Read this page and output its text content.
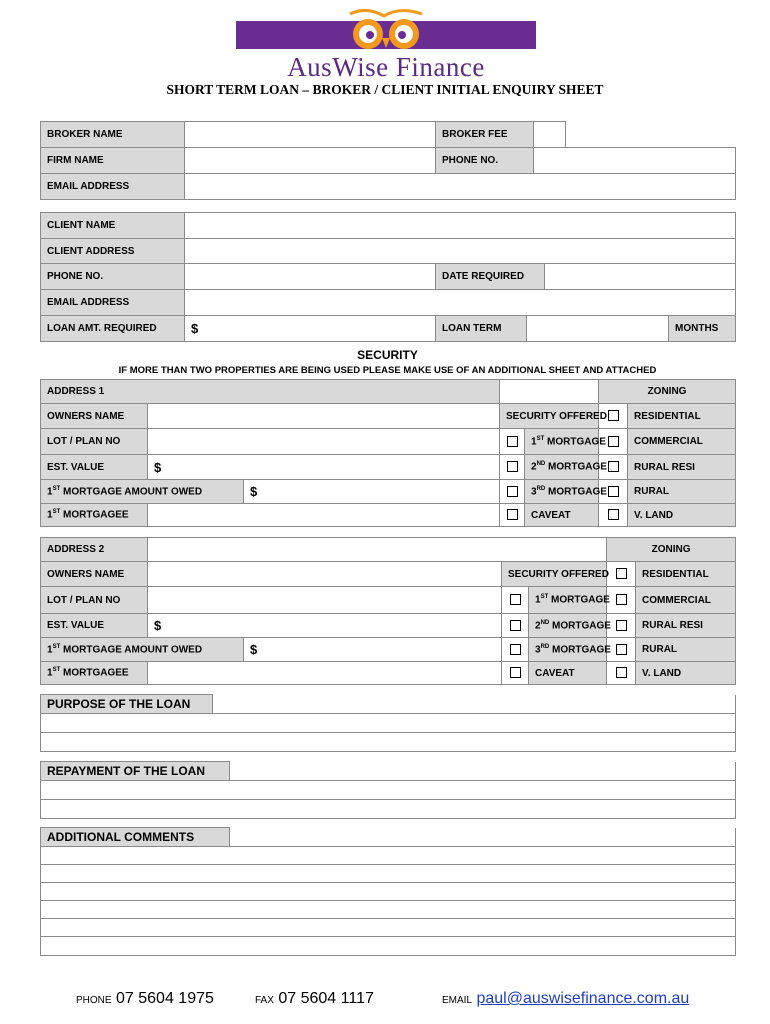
AusWise Finance
SHORT TERM LOAN – BROKER / CLIENT INITIAL ENQUIRY SHEET
BROKER NAME		BROKER FEE		
FIRM NAME		PHONE NO.		
EMAIL ADDRESS				
CLIENT NAME					
CLIENT ADDRESS					
PHONE NO.		DATE REQUIRED			
EMAIL ADDRESS					
LOAN AMT. REQUIRED	$	LOAN TERM			MONTHS
SECURITY
IF MORE THAN TWO PROPERTIES ARE BEING USED PLEASE MAKE USE OF AN ADDITIONAL SHEET AND ATTACHED
ADDRESS 1					ZONING	
OWNERS NAME			SECURITY OFFERED			RESIDENTIAL
LOT / PLAN NO				1ST MORTGAGE		COMMERCIAL
EST. VALUE	$			2ND MORTGAGE		RURAL RESI
1ST MORTGAGE AMOUNT OWED		$		3RD MORTGAGE		RURAL
1ST MORTGAGEE				CAVEAT		V. LAND
ADDRESS 2					ZONING	
OWNERS NAME			SECURITY OFFERED			RESIDENTIAL
LOT / PLAN NO				1ST MORTGAGE		COMMERCIAL
EST. VALUE	$			2ND MORTGAGE		RURAL RESI
1ST MORTGAGE AMOUNT OWED		$		3RD MORTGAGE		RURAL
1ST MORTGAGEE				CAVEAT		V. LAND
PURPOSE OF THE LOAN	

REPAYMENT OF THE LOAN	

ADDITIONAL COMMENTS	

PHONE 07 5604 1975	FAX 07 5604 1117	EMAIL paul@auswisefinance.com.au
